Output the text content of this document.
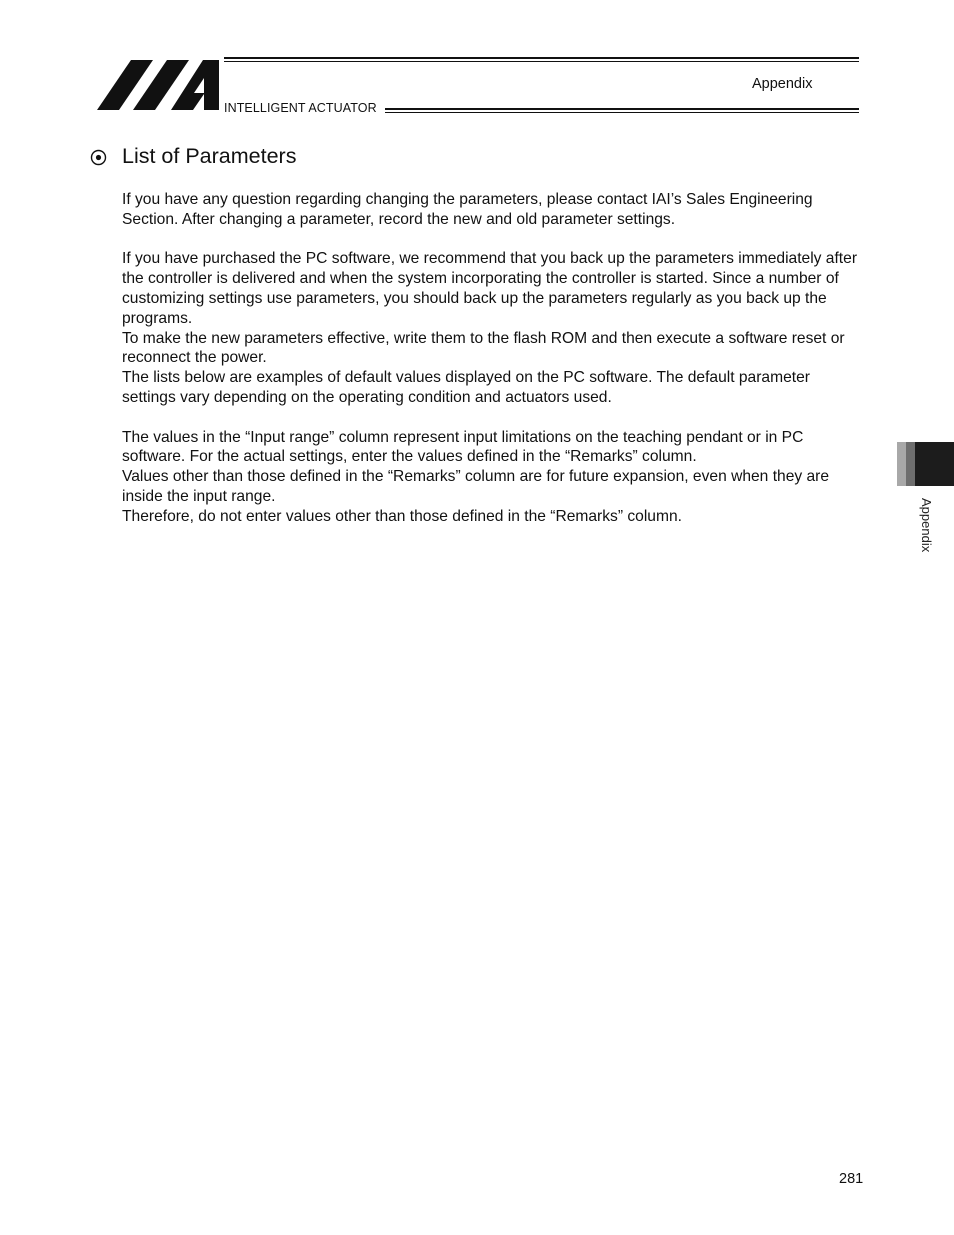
Appendix
INTELLIGENT ACTUATOR
List of Parameters

If you have any question regarding changing the parameters, please contact IAI’s Sales Engineering Section. After changing a parameter, record the new and old parameter settings.

If you have purchased the PC software, we recommend that you back up the parameters immediately after the controller is delivered and when the system incorporating the controller is started. Since a number of customizing settings use parameters, you should back up the parameters regularly as you back up the programs.

To make the new parameters effective, write them to the flash ROM and then execute a software reset or reconnect the power.

The lists below are examples of default values displayed on the PC software. The default parameter settings vary depending on the operating condition and actuators used.

The values in the “Input range” column represent input limitations on the teaching pendant or in PC software. For the actual settings, enter the values defined in the “Remarks” column.

Values other than those defined in the “Remarks” column are for future expansion, even when they are inside the input range.

Therefore, do not enter values other than those defined in the “Remarks” column.	Appendix
281
